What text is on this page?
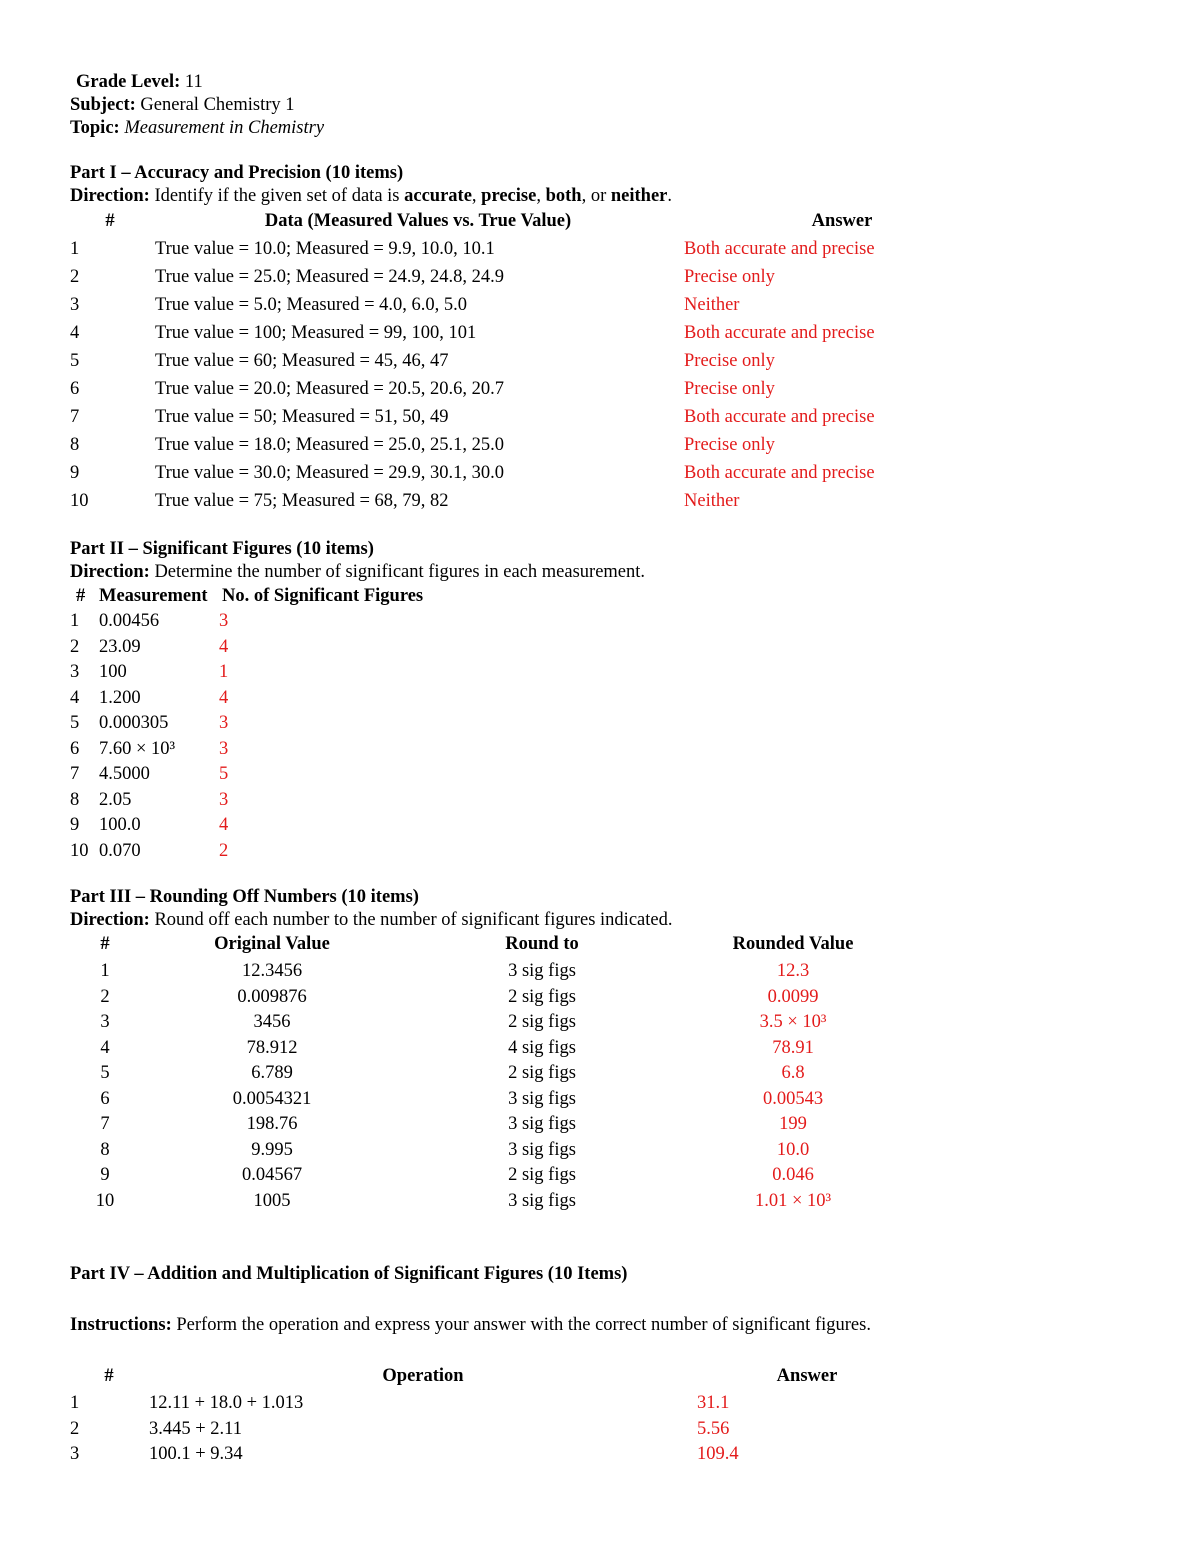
Grade Level: 11
Subject: General Chemistry 1
Topic: Measurement in Chemistry
Part I – Accuracy and Precision (10 items)
Direction: Identify if the given set of data is accurate, precise, both, or neither.
#	Data (Measured Values vs. True Value)	Answer
1	True value = 10.0; Measured = 9.9, 10.0, 10.1	Both accurate and precise
2	True value = 25.0; Measured = 24.9, 24.8, 24.9	Precise only
3	True value = 5.0; Measured = 4.0, 6.0, 5.0	Neither
4	True value = 100; Measured = 99, 100, 101	Both accurate and precise
5	True value = 60; Measured = 45, 46, 47	Precise only
6	True value = 20.0; Measured = 20.5, 20.6, 20.7	Precise only
7	True value = 50; Measured = 51, 50, 49	Both accurate and precise
8	True value = 18.0; Measured = 25.0, 25.1, 25.0	Precise only
9	True value = 30.0; Measured = 29.9, 30.1, 30.0	Both accurate and precise
10	True value = 75; Measured = 68, 79, 82	Neither
Part II – Significant Figures (10 items)
Direction: Determine the number of significant figures in each measurement.
# Measurement No. of Significant Figures
1 0.00456	3
2 23.09	4
3 100	1
4 1.200	4
5 0.000305	3
6 7.60 × 10³ 3
7 4.5000	5
8 2.05	3
9 100.0	4
10 0.070	2
Part III – Rounding Off Numbers (10 items)
Direction: Round off each number to the number of significant figures indicated.
#	Original Value	Round to	Rounded Value
1	12.3456	3 sig figs	12.3
2	0.009876	2 sig figs	0.0099
3	3456	2 sig figs	3.5 × 10³
4	78.912	4 sig figs	78.91
5	6.789	2 sig figs	6.8
6	0.0054321	3 sig figs	0.00543
7	198.76	3 sig figs	199
8	9.995	3 sig figs	10.0
9	0.04567	2 sig figs	0.046
10	1005	3 sig figs	1.01 × 10³
Part IV – Addition and Multiplication of Significant Figures (10 Items)
Instructions: Perform the operation and express your answer with the correct number of significant figures.
#	Operation	Answer
1	12.11 + 18.0 + 1.013	31.1
2	3.445 + 2.11	5.56
3	100.1 + 9.34	109.4
